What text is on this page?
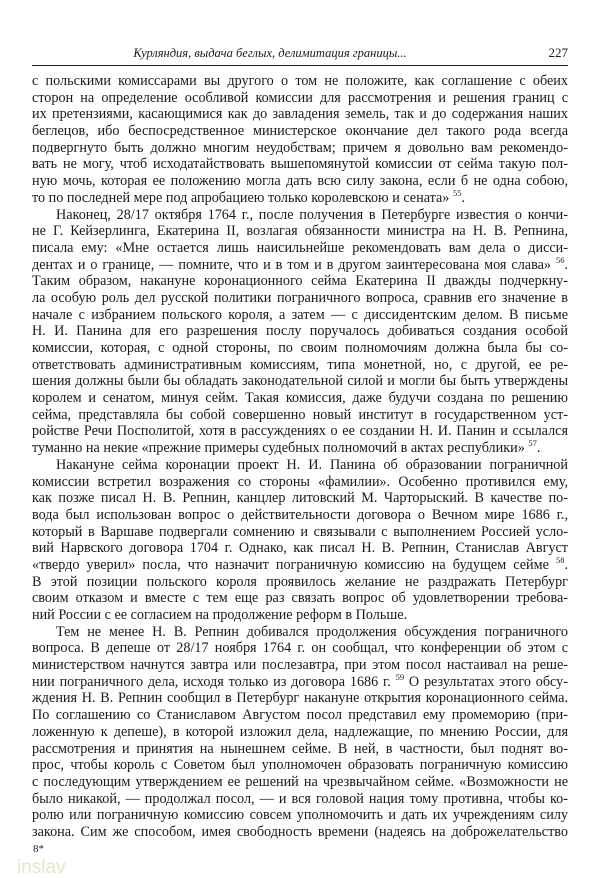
Курляндия, выдача беглых, делимитация границы...	227
с польскими комиссарами вы другого о том не положите, как соглашение с обеих
сторон на определение особливой комиссии для рассмотрения и решения границ с
их претензиями, касающимися как до завладения земель, так и до содержания наших
беглецов, ибо беспосредственное министерское окончание дел такого рода всегда
подвергнуто быть должно многим неудобствам; причем я довольно вам рекомендо-
вать не могу, чтоб исходатайствовать вышепомянутой комиссии от сейма такую пол-
ную мочь, которая ее положению могла дать всю силу закона, если б не одна собою,
то по последней мере под апробациею только королевскою и сената» $^{55}$.
Наконец, 28/17 октября 1764 г., после получения в Петербурге известия о кончи-
не Г. Кейзерлинга, Екатерина II, возлагая обязанности министра на Н. В. Репнина,
писала ему: «Мне остается лишь наисильнейше рекомендовать вам дела о дисси-
дентах и о границе, — помните, что и в том и в другом заинтересована моя слава» $^{56}$.
Таким образом, накануне коронационного сейма Екатерина II дважды подчеркну-
ла особую роль дел русской политики пограничного вопроса, сравнив его значение в
начале с избранием польского короля, а затем — с диссидентским делом. В письме
Н. И. Панина для его разрешения послу поручалось добиваться создания особой
комиссии, которая, с одной стороны, по своим полномочиям должна была бы со-
ответствовать административным комиссиям, типа монетной, но, с другой, ее ре-
шения должны были бы обладать законодательной силой и могли бы быть утверждены
королем и сенатом, минуя сейм. Такая комиссия, даже будучи создана по решению
сейма, представляла бы собой совершенно новый институт в государственном уст-
ройстве Речи Посполитой, хотя в рассуждениях о ее создании Н. И. Панин и ссылался
туманно на некие «прежние примеры судебных полномочий в актах республики» $^{57}$.
Накануне сейма коронации проект Н. И. Панина об образовании пограничной
комиссии встретил возражения со стороны «фамилии». Особенно противился ему,
как позже писал Н. В. Репнин, канцлер литовский М. Чарторыский. В качестве по-
вода был использован вопрос о действительности договора о Вечном мире 1686 г.,
который в Варшаве подвергали сомнению и связывали с выполнением Россией усло-
вий Нарвского договора 1704 г. Однако, как писал Н. В. Репнин, Станислав Август
«твердо уверил» посла, что назначит пограничную комиссию на будущем сейме $^{58}$.
В этой позиции польского короля проявилось желание не раздражать Петербург
своим отказом и вместе с тем еще раз связать вопрос об удовлетворении требова-
ний России с ее согласием на продолжение реформ в Польше.
Тем не менее Н. В. Репнин добивался продолжения обсуждения пограничного
вопроса. В депеше от 28/17 ноября 1764 г. он сообщал, что конференции об этом с
министерством начнутся завтра или послезавтра, при этом посол настаивал на реше-
нии пограничного дела, исходя только из договора 1686 г. $^{59}$ О результатах этого обсу-
ждения Н. В. Репнин сообщил в Петербург накануне открытия коронационного сейма.
По соглашению со Станиславом Августом посол представил ему промеморию (при-
ложенную к депеше), в которой изложил дела, надлежащие, по мнению России, для
рассмотрения и принятия на нынешнем сейме. В ней, в частности, был поднят во-
прос, чтобы король с Советом был уполномочен образовать пограничную комиссию
с последующим утверждением ее решений на чрезвычайном сейме. «Возможности не
было никакой, — продолжал посол, — и вся головой нация тому противна, чтобы ко-
ролю или пограничную комиссию совсем уполномочить и дать их учреждениям силу
закона. Сим же способом, имея свободность времени (надеясь на доброжелательство
8*
inslav
